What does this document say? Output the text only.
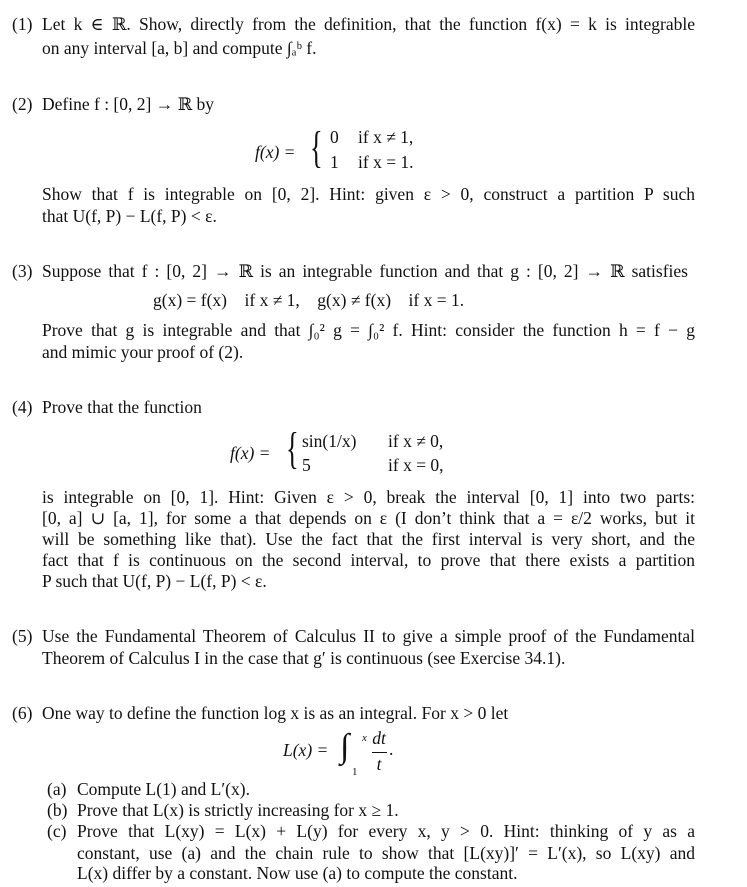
(1) Let k ∈ ℝ. Show, directly from the definition, that the function f(x) = k is integrable
on any interval [a, b] and compute ∫ₐᵇ f.
(2) Define f : [0, 2] → ℝ by
f(x) = { 0 if x ≠ 1,
1 if x = 1.
Show that f is integrable on [0, 2]. Hint: given ε > 0, construct a partition P such
that U(f, P) − L(f, P) < ε.
(3) Suppose that f : [0, 2] → ℝ is an integrable function and that g : [0, 2] → ℝ satisfies
g(x) = f(x)    if x ≠ 1,    g(x) ≠ f(x)    if x = 1.
Prove that g is integrable and that ∫₀² g = ∫₀² f. Hint: consider the function h = f − g
and mimic your proof of (2).
(4) Prove that the function
f(x) = { sin(1/x) if x ≠ 0,
5	if x = 0,
is integrable on [0, 1]. Hint: Given ε > 0, break the interval [0, 1] into two parts:
[0, a] ∪ [a, 1], for some a that depends on ε (I don’t think that a = ε/2 works, but it
will be something like that). Use the fact that the first interval is very short, and the
fact that f is continuous on the second interval, to prove that there exists a partition
P such that U(f, P) − L(f, P) < ε.
(5) Use the Fundamental Theorem of Calculus II to give a simple proof of the Fundamental
Theorem of Calculus I in the case that g′ is continuous (see Exercise 34.1).
(6) One way to define the function log x is as an integral. For x > 0 let
L(x) = ∫ x
1
dt
t
.
(a) Compute L(1) and L′(x).
(b) Prove that L(x) is strictly increasing for x ≥ 1.
(c) Prove that L(xy) = L(x) + L(y) for every x, y > 0. Hint: thinking of y as a
constant, use (a) and the chain rule to show that [L(xy)]′ = L′(x), so L(xy) and
L(x) differ by a constant. Now use (a) to compute the constant.
